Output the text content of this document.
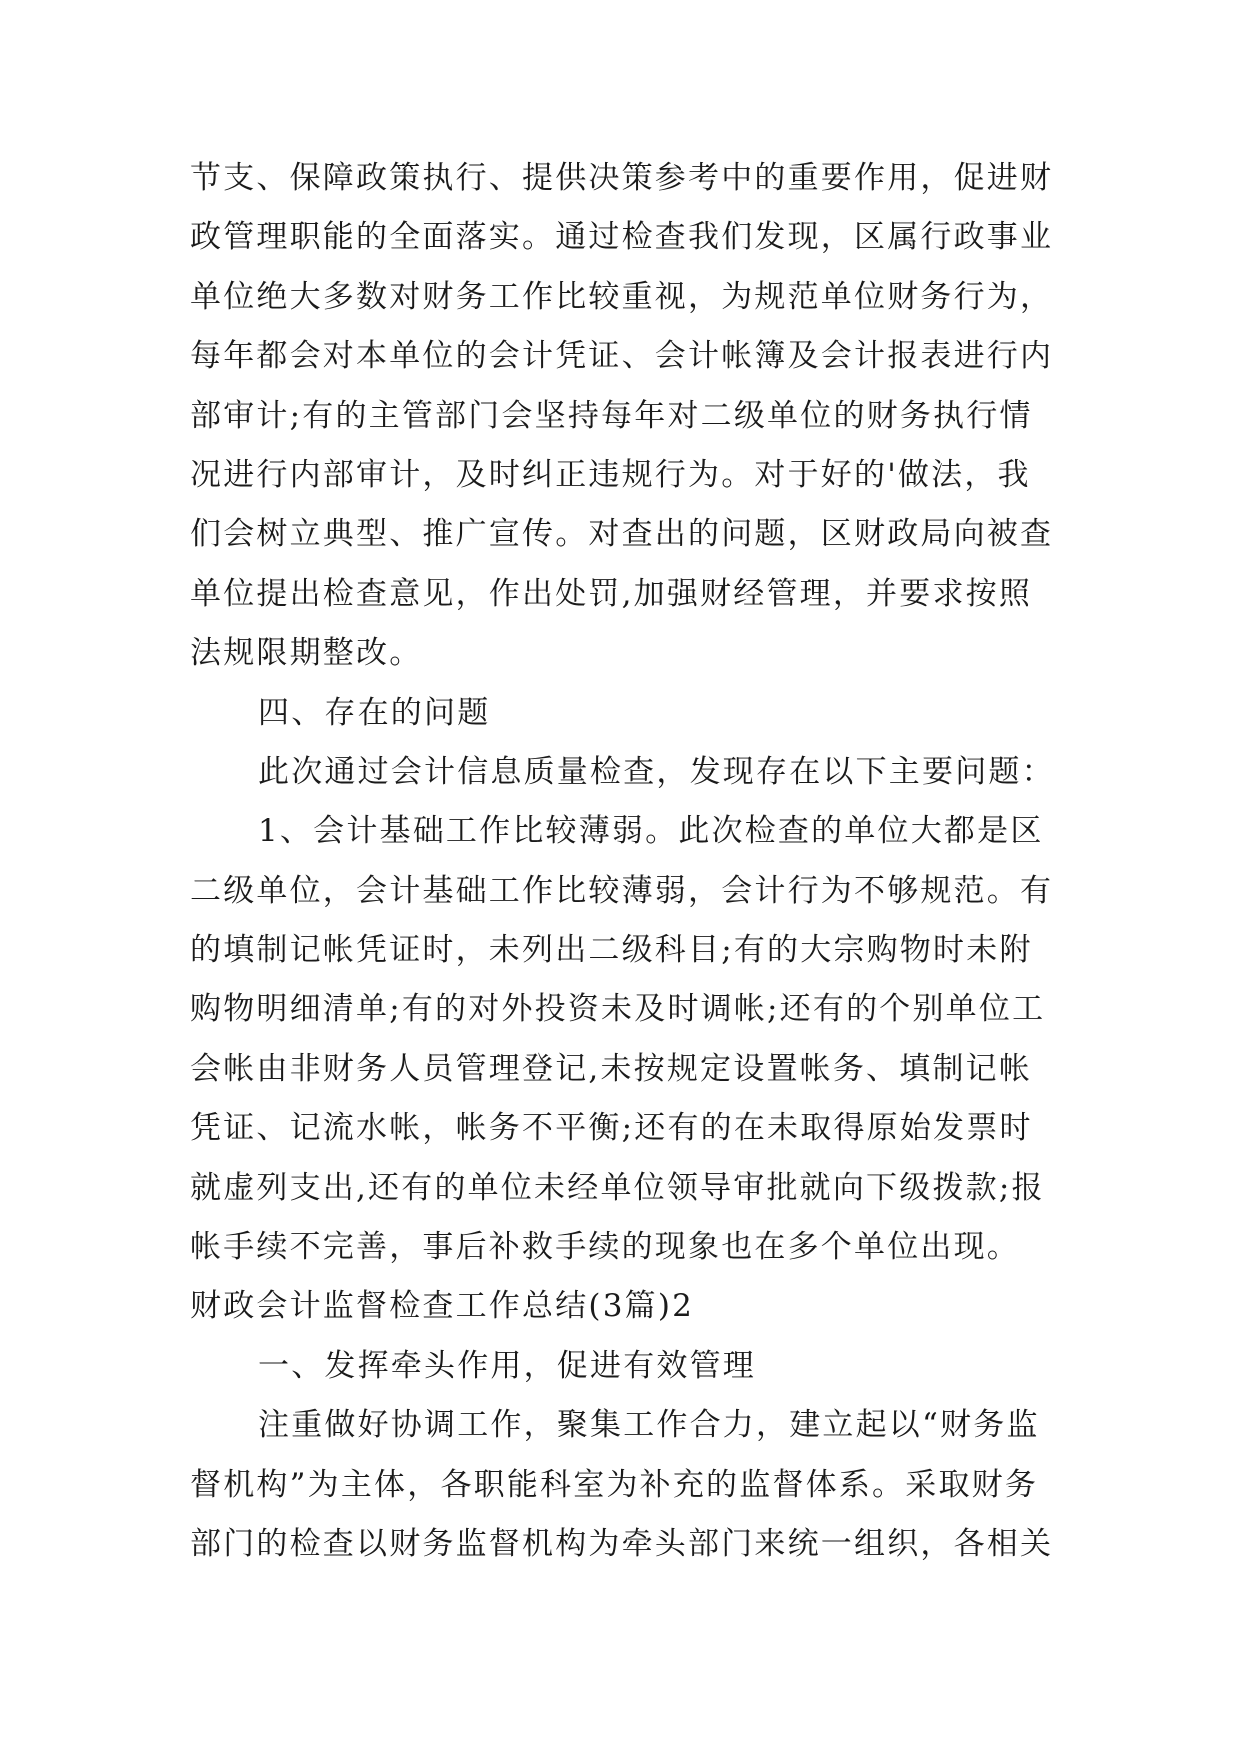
节支、保障政策执行、提供决策参考中的重要作用，促进财
政管理职能的全面落实。通过检查我们发现，区属行政事业
单位绝大多数对财务工作比较重视，为规范单位财务行为，
每年都会对本单位的会计凭证、会计帐簿及会计报表进行内
部审计;有的主管部门会坚持每年对二级单位的财务执行情
况进行内部审计，及时纠正违规行为。对于好的'做法，我
们会树立典型、推广宣传。对查出的问题，区财政局向被查
单位提出检查意见，作出处罚,加强财经管理，并要求按照
法规限期整改。
四、存在的问题
此次通过会计信息质量检查，发现存在以下主要问题：
1、会计基础工作比较薄弱。此次检查的单位大都是区
二级单位，会计基础工作比较薄弱，会计行为不够规范。有
的填制记帐凭证时，未列出二级科目;有的大宗购物时未附
购物明细清单;有的对外投资未及时调帐;还有的个别单位工
会帐由非财务人员管理登记,未按规定设置帐务、填制记帐
凭证、记流水帐，帐务不平衡;还有的在未取得原始发票时
就虚列支出,还有的单位未经单位领导审批就向下级拨款;报
帐手续不完善，事后补救手续的现象也在多个单位出现。
财政会计监督检查工作总结(3篇)2
一、发挥牵头作用，促进有效管理
注重做好协调工作，聚集工作合力，建立起以“财务监
督机构”为主体，各职能科室为补充的监督体系。采取财务
部门的检查以财务监督机构为牵头部门来统一组织，各相关
